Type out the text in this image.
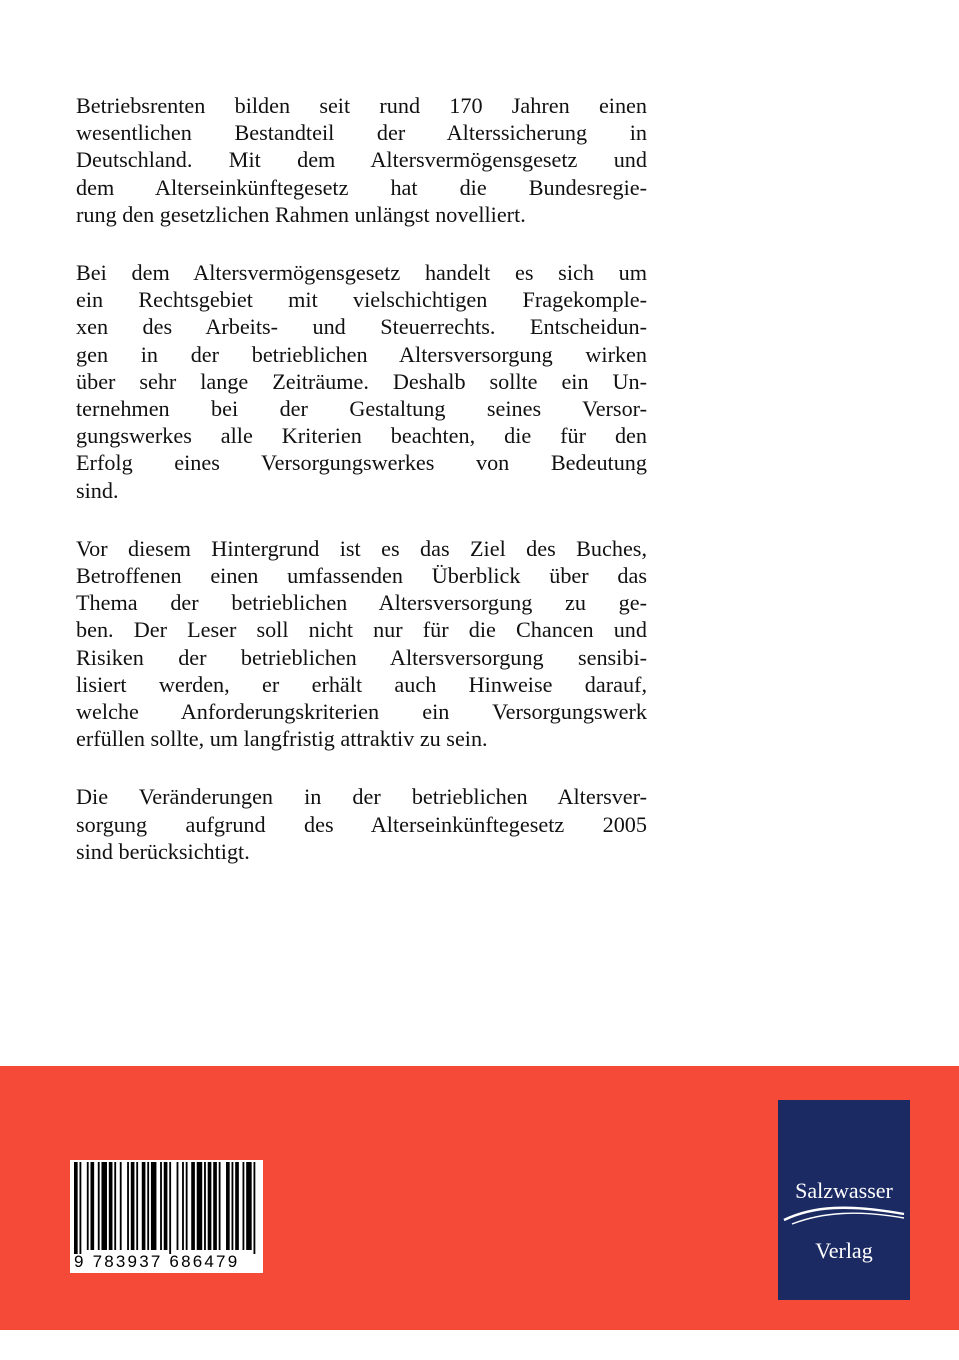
Betriebsrenten bilden seit rund 170 Jahren einen
wesentlichen Bestandteil der Alterssicherung in
Deutschland. Mit dem Altersvermögensgesetz und
dem Alterseinkünftegesetz hat die Bundesregie-
rung den gesetzlichen Rahmen unlängst novelliert.
Bei dem Altersvermögensgesetz handelt es sich um
ein Rechtsgebiet mit vielschichtigen Fragekomple-
xen des Arbeits- und Steuerrechts. Entscheidun-
gen in der betrieblichen Altersversorgung wirken
über sehr lange Zeiträume. Deshalb sollte ein Un-
ternehmen bei der Gestaltung seines Versor-
gungswerkes alle Kriterien beachten, die für den
Erfolg eines Versorgungswerkes von Bedeutung
sind.
Vor diesem Hintergrund ist es das Ziel des Buches,
Betroffenen einen umfassenden Überblick über das
Thema der betrieblichen Altersversorgung zu ge-
ben. Der Leser soll nicht nur für die Chancen und
Risiken der betrieblichen Altersversorgung sensibi-
lisiert werden, er erhält auch Hinweise darauf,
welche Anforderungskriterien ein Versorgungswerk
erfüllen sollte, um langfristig attraktiv zu sein.
Die Veränderungen in der betrieblichen Altersver-
sorgung aufgrund des Alterseinkünftegesetz 2005
sind berücksichtigt.
9 783937 686479
Salzwasser
Verlag
